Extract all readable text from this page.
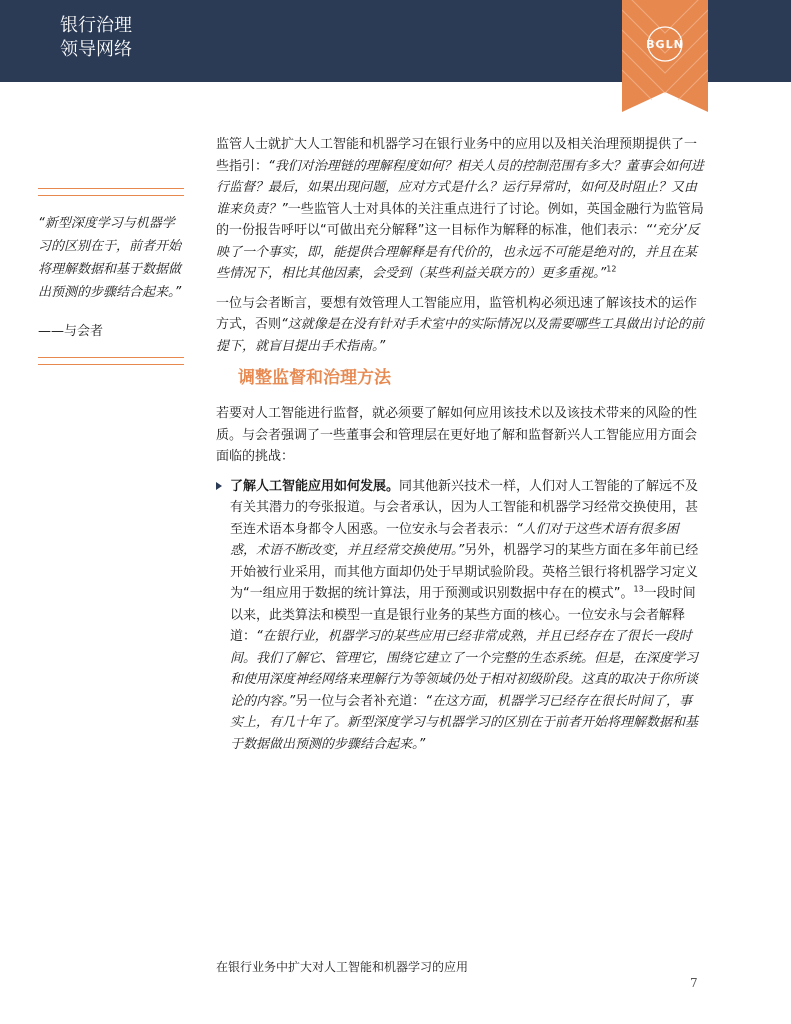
银行治理
领导网络	BGLN
“新型深度学习与机器学习的区别在于，前者开始将理解数据和基于数据做出预测的步骤结合起来。”
——与会者

监管人士就扩大人工智能和机器学习在银行业务中的应用以及相关治理预期提供了一些指引：“我们对治理链的理解程度如何？相关人员的控制范围有多大？董事会如何进行监督？最后，如果出现问题，应对方式是什么？运行异常时，如何及时阻止？又由谁来负责？”一些监管人士对具体的关注重点进行了讨论。例如，英国金融行为监管局的一份报告呼吁以“可做出充分解释”这一目标作为解释的标准，他们表示：“‘充分’反映了一个事实，即，能提供合理解释是有代价的，也永远不可能是绝对的，并且在某些情况下，相比其他因素，会受到（某些利益关联方的）更多重视。”$^{12}$

一位与会者断言，要想有效管理人工智能应用，监管机构必须迅速了解该技术的运作方式，否则“这就像是在没有针对手术室中的实际情况以及需要哪些工具做出讨论的前提下，就盲目提出手术指南。”

调整监督和治理方法

若要对人工智能进行监督，就必须要了解如何应用该技术以及该技术带来的风险的性质。与会者强调了一些董事会和管理层在更好地了解和监督新兴人工智能应用方面会面临的挑战：

了解人工智能应用如何发展。同其他新兴技术一样，人们对人工智能的了解远不及有关其潜力的夸张报道。与会者承认，因为人工智能和机器学习经常交换使用，甚至连术语本身都令人困惑。一位安永与会者表示：“人们对于这些术语有很多困惑，术语不断改变，并且经常交换使用。”另外，机器学习的某些方面在多年前已经开始被行业采用，而其他方面却仍处于早期试验阶段。英格兰银行将机器学习定义为“一组应用于数据的统计算法，用于预测或识别数据中存在的模式”。$^{13}$一段时间以来，此类算法和模型一直是银行业务的某些方面的核心。一位安永与会者解释道：“在银行业，机器学习的某些应用已经非常成熟，并且已经存在了很长一段时间。我们了解它、管理它，围绕它建立了一个完整的生态系统。但是，在深度学习和使用深度神经网络来理解行为等领域仍处于相对初级阶段。这真的取决于你所谈论的内容。”另一位与会者补充道：“在这方面，机器学习已经存在很长时间了，事实上，有几十年了。新型深度学习与机器学习的区别在于前者开始将理解数据和基于数据做出预测的步骤结合起来。”
在银行业务中扩大对人工智能和机器学习的应用
7
